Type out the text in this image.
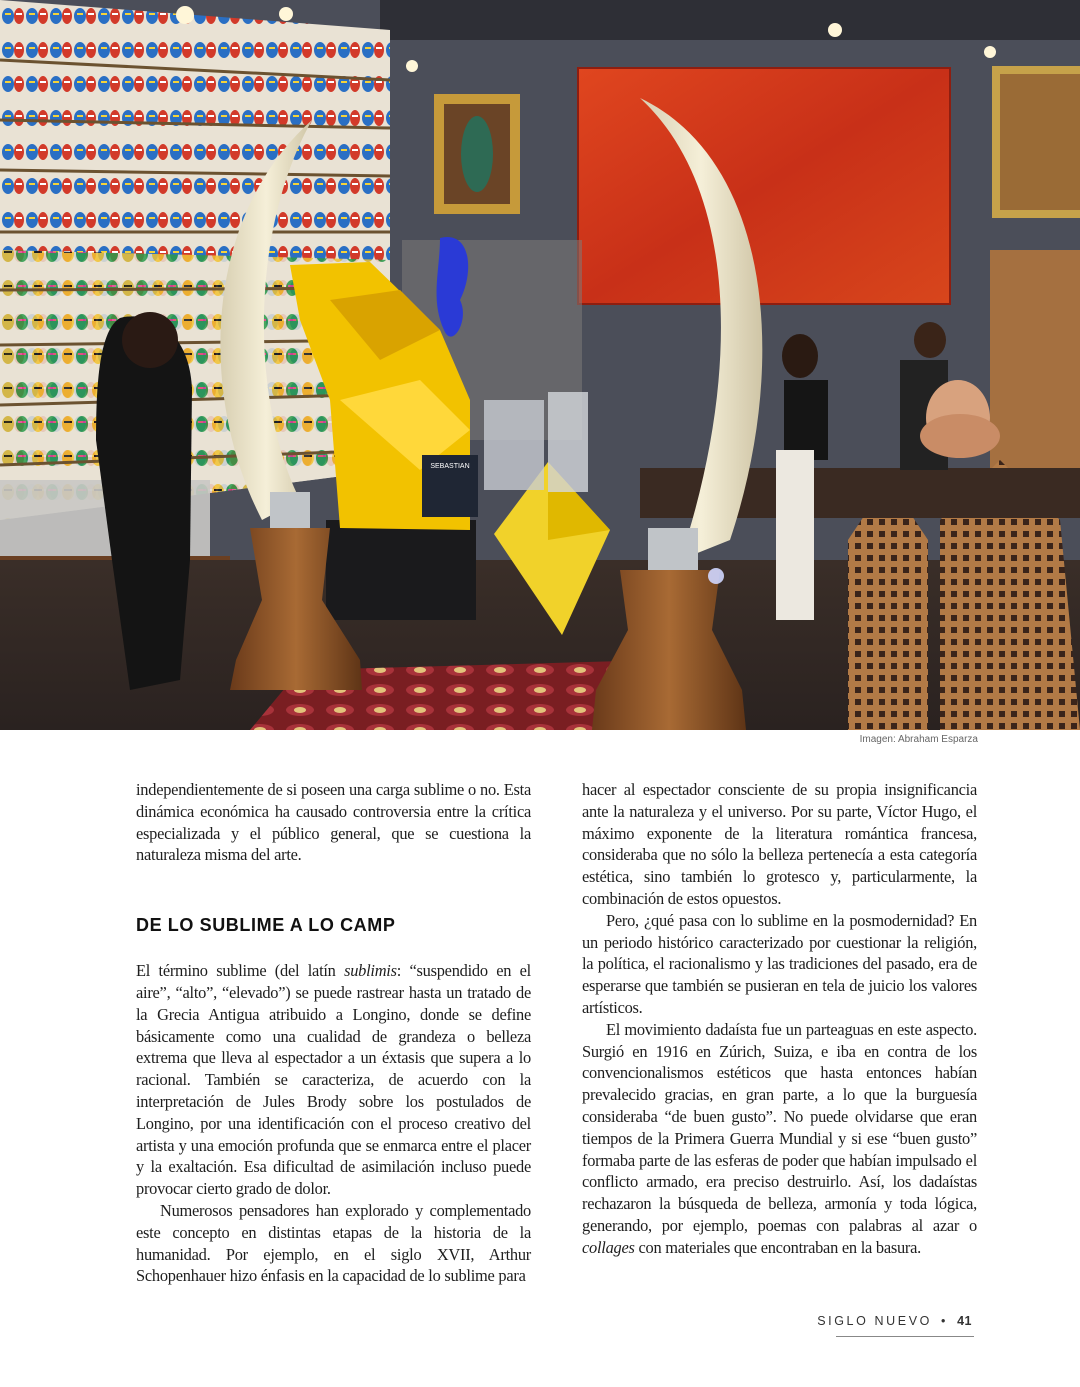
SEBASTIAN
Imagen: Abraham Esparza

independientemente de si poseen una carga sublime o no. Esta dinámica económica ha causado controversia entre la crítica especializada y el público general, que se cuestiona la naturaleza misma del arte.

DE LO SUBLIME A LO CAMP

El término sublime (del latín sublimis: “suspendido en el aire”, “alto”, “elevado”) se puede rastrear hasta un tratado de la Grecia Antigua atribuido a Longino, donde se define básicamente como una cualidad de grandeza o belleza extrema que lleva al espectador a un éxtasis que supera a lo racional. También se caracteriza, de acuerdo con la interpretación de Jules Brody sobre los postulados de Longino, por una identificación con el proceso creativo del artista y una emoción profunda que se enmarca entre el placer y la exaltación. Esa dificultad de asimilación incluso puede provocar cierto grado de dolor.

Numerosos pensadores han explorado y complementado este concepto en distintas etapas de la historia de la humanidad. Por ejemplo, en el siglo XVII, Arthur Schopenhauer hizo énfasis en la capacidad de lo sublime para

hacer al espectador consciente de su propia insignificancia ante la naturaleza y el universo. Por su parte, Víctor Hugo, el máximo exponente de la literatura romántica francesa, consideraba que no sólo la belleza pertenecía a esta categoría estética, sino también lo grotesco y, particularmente, la combinación de estos opuestos.

Pero, ¿qué pasa con lo sublime en la posmodernidad? En un periodo histórico caracterizado por cuestionar la religión, la política, el racionalismo y las tradiciones del pasado, era de esperarse que también se pusieran en tela de juicio los valores artísticos.

El movimiento dadaísta fue un parteaguas en este aspecto. Surgió en 1916 en Zúrich, Suiza, e iba en contra de los convencionalismos estéticos que hasta entonces habían prevalecido gracias, en gran parte, a lo que la burguesía consideraba “de buen gusto”. No puede olvidarse que eran tiempos de la Primera Guerra Mundial y si ese “buen gusto” formaba parte de las esferas de poder que habían impulsado el conflicto armado, era preciso destruirlo. Así, los dadaístas rechazaron la búsqueda de belleza, armonía y toda lógica, generando, por ejemplo, poemas con palabras al azar o collages con materiales que encontraban en la basura.

SIGLO NUEVO • 41
